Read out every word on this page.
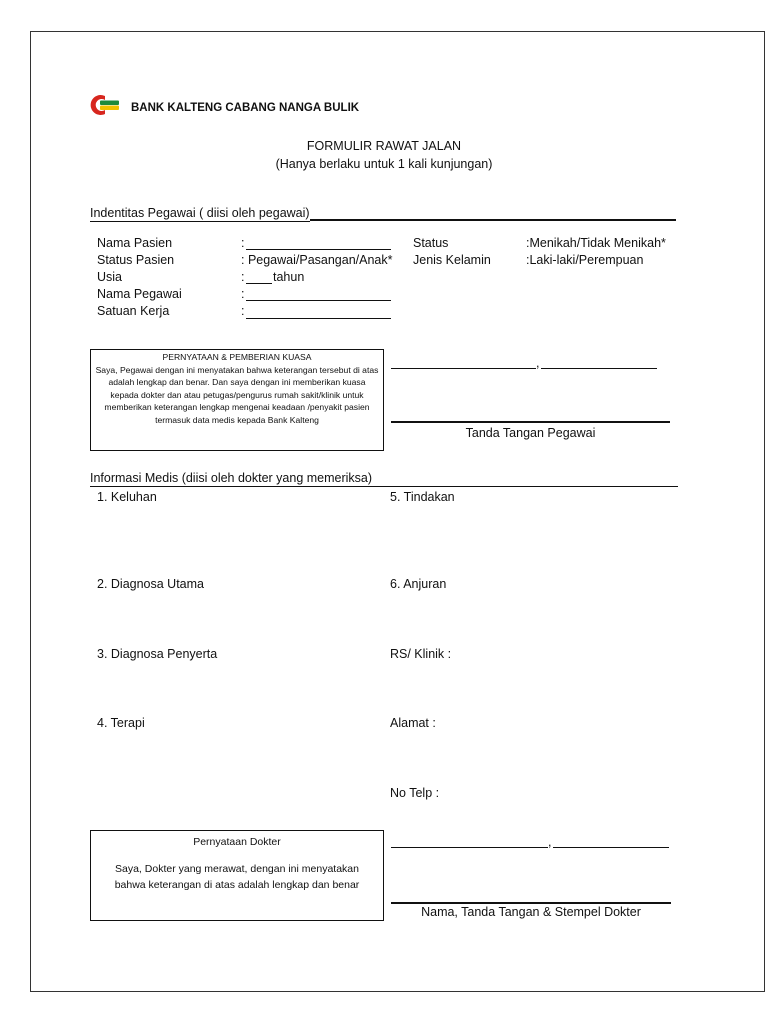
BANK KALTENG CABANG NANGA BULIK
FORMULIR RAWAT JALAN
(Hanya berlaku untuk 1 kali kunjungan)
Indentitas Pegawai ( diisi oleh pegawai)
Nama Pasien	:
Status Pasien	: Pegawai/Pasangan/Anak*
Usia	: tahun
Nama Pegawai	:
Satuan Kerja	:
Status	:Menikah/Tidak Menikah*
Jenis Kelamin	:Laki-laki/Perempuan
PERNYATAAN & PEMBERIAN KUASA
Saya, Pegawai dengan ini menyatakan bahwa keterangan tersebut di atas adalah lengkap dan benar. Dan saya dengan ini memberikan kuasa kepada dokter dan atau petugas/pengurus rumah sakit/klinik untuk memberikan keterangan lengkap mengenai keadaan /penyakit pasien termasuk data medis kepada Bank Kalteng
,
Tanda Tangan Pegawai
Informasi Medis (diisi oleh dokter yang memeriksa)
1. Keluhan
2. Diagnosa Utama
3. Diagnosa Penyerta
4. Terapi
5. Tindakan
6. Anjuran
RS/ Klinik :
Alamat :
No Telp :
Pernyataan Dokter
Saya, Dokter yang merawat, dengan ini menyatakan bahwa keterangan di atas adalah lengkap dan benar
,
Nama, Tanda Tangan & Stempel Dokter
